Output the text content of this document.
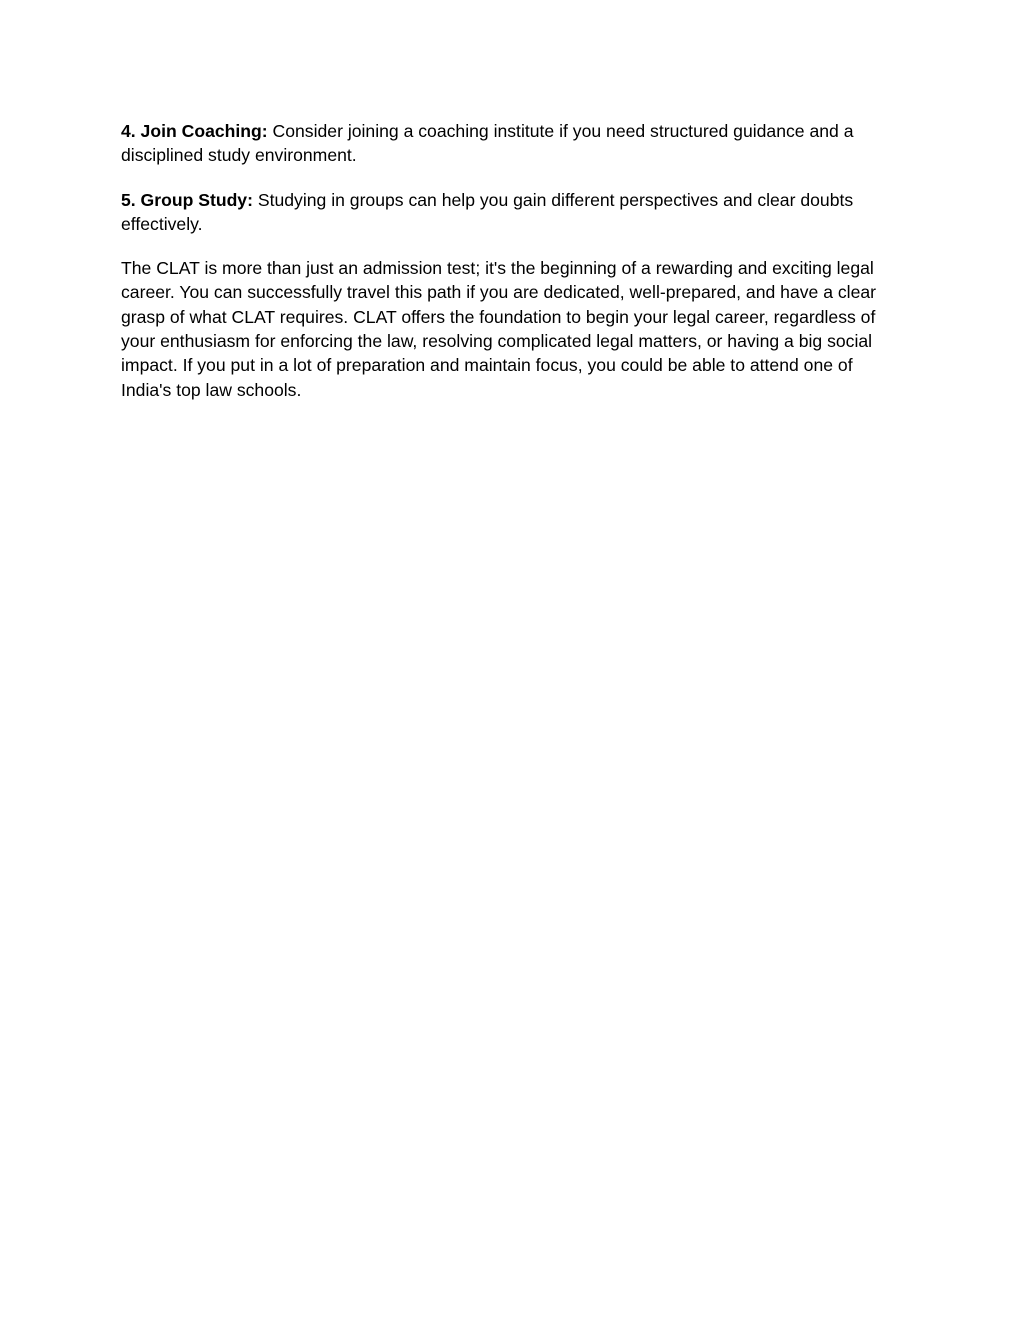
4. Join Coaching: Consider joining a coaching institute if you need structured guidance and a disciplined study environment.

5. Group Study: Studying in groups can help you gain different perspectives and clear doubts effectively.

The CLAT is more than just an admission test; it's the beginning of a rewarding and exciting legal career. You can successfully travel this path if you are dedicated, well-prepared, and have a clear grasp of what CLAT requires. CLAT offers the foundation to begin your legal career, regardless of your enthusiasm for enforcing the law, resolving complicated legal matters, or having a big social impact. If you put in a lot of preparation and maintain focus, you could be able to attend one of India's top law schools.
